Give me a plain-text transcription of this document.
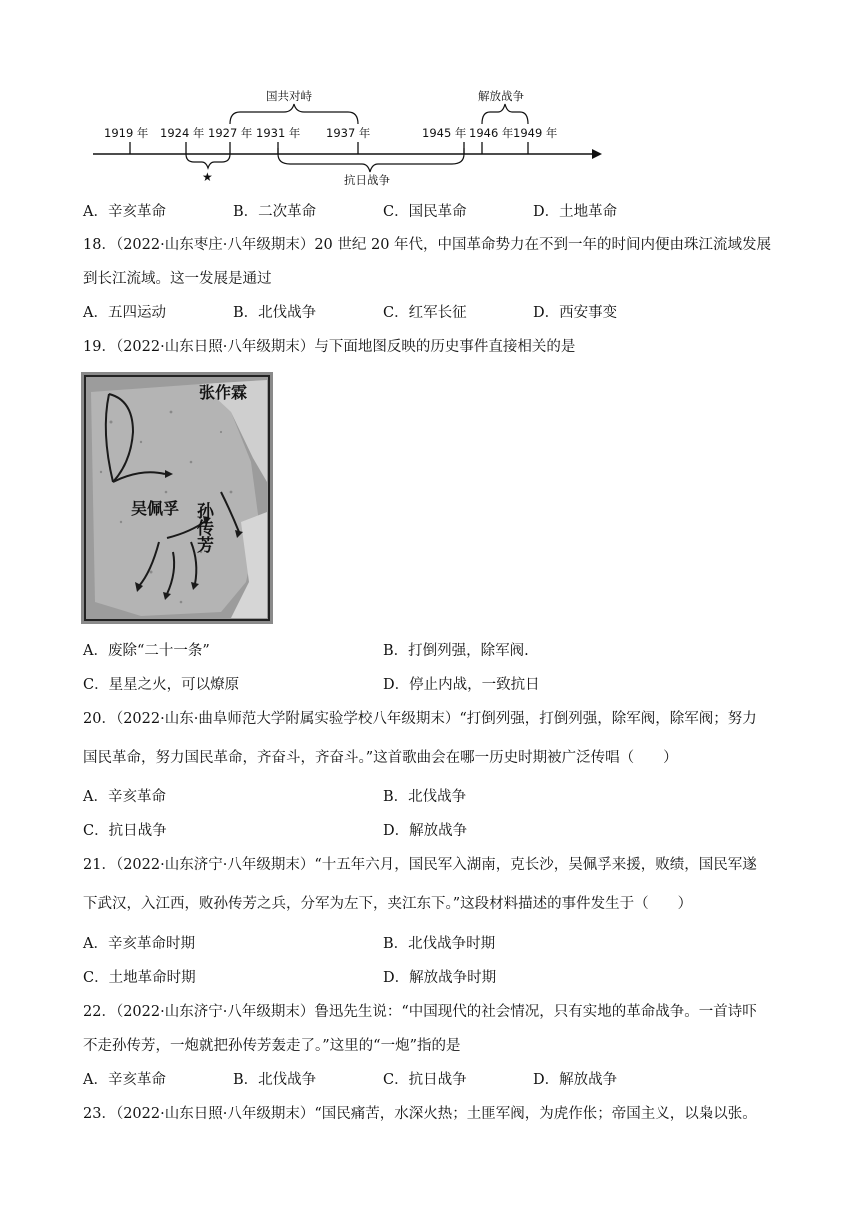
1919 年 1924 年 1927 年 1931 年 1937 年	1945 年 1946 年 1949 年
国共对峙	解放战争
抗日战争
★
A．辛亥革命	B．二次革命	C．国民革命	D．土地革命
18．（2022·山东枣庄·八年级期末）20 世纪 20 年代，中国革命势力在不到一年的时间内便由珠江流域发展
到长江流域。这一发展是通过
A．五四运动	B．北伐战争	C．红军长征	D．西安事变
19．（2022·山东日照·八年级期末）与下面地图反映的历史事件直接相关的是
张作霖
吴佩孚 孙传芳
A．废除“二十一条”	B．打倒列强，除军阀.
C．星星之火，可以燎原	D．停止内战，一致抗日
20．（2022·山东·曲阜师范大学附属实验学校八年级期末）“打倒列强，打倒列强，除军阀，除军阀；努力
国民革命，努力国民革命，齐奋斗，齐奋斗。”这首歌曲会在哪一历史时期被广泛传唱（　　）
A．辛亥革命	B．北伐战争
C．抗日战争	D．解放战争
21．（2022·山东济宁·八年级期末）“十五年六月，国民军入湖南，克长沙，吴佩孚来援，败绩，国民军遂
下武汉，入江西，败孙传芳之兵，分军为左下，夹江东下。”这段材料描述的事件发生于（　　）
A．辛亥革命时期	B．北伐战争时期
C．土地革命时期	D．解放战争时期
22．（2022·山东济宁·八年级期末）鲁迅先生说：“中国现代的社会情况，只有实地的革命战争。一首诗吓
不走孙传芳，一炮就把孙传芳轰走了。”这里的“一炮”指的是
A．辛亥革命	B．北伐战争	C．抗日战争	D．解放战争
23．（2022·山东日照·八年级期末）“国民痛苦，水深火热；土匪军阀，为虎作伥；帝国主义，以枭以张。
